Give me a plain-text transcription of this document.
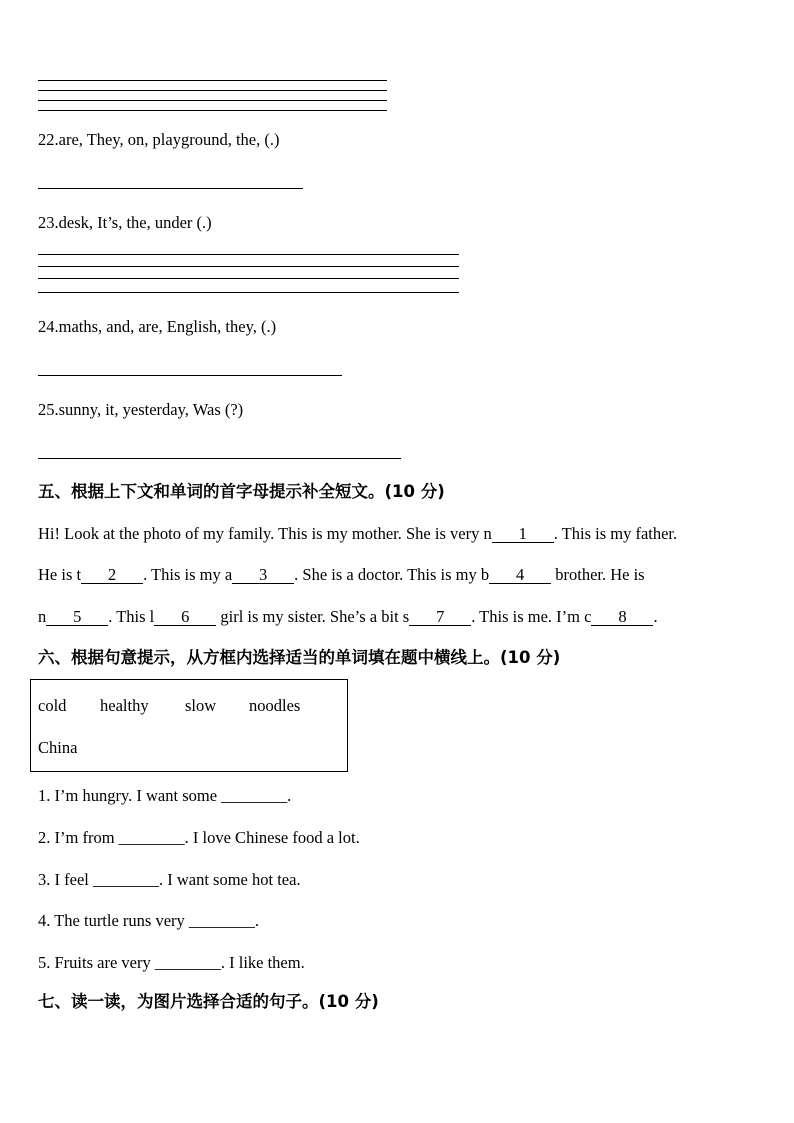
22.are, They, on, playground, the, (.)
23.desk, It’s, the, under (.)
24.maths, and, are, English, they, (.)
25.sunny, it, yesterday, Was (?)
五、根据上下文和单词的首字母提示补全短文。(10 分)
Hi! Look at the photo of my family. This is my mother. She is very n 1 . This is my father.
He is t 2 . This is my a 3 . She is a doctor. This is my b 4 brother. He is
n 5 . This l 6 girl is my sister. She’s a bit s 7 . This is me. I’m c 8 .
六、根据句意提示，从方框内选择适当的单词填在题中横线上。(10 分)
cold healthy slow noodles
China
1. I’m hungry. I want some ________.
2. I’m from ________. I love Chinese food a lot.
3. I feel ________. I want some hot tea.
4. The turtle runs very ________.
5. Fruits are very ________. I like them.
七、读一读，为图片选择合适的句子。(10 分)
